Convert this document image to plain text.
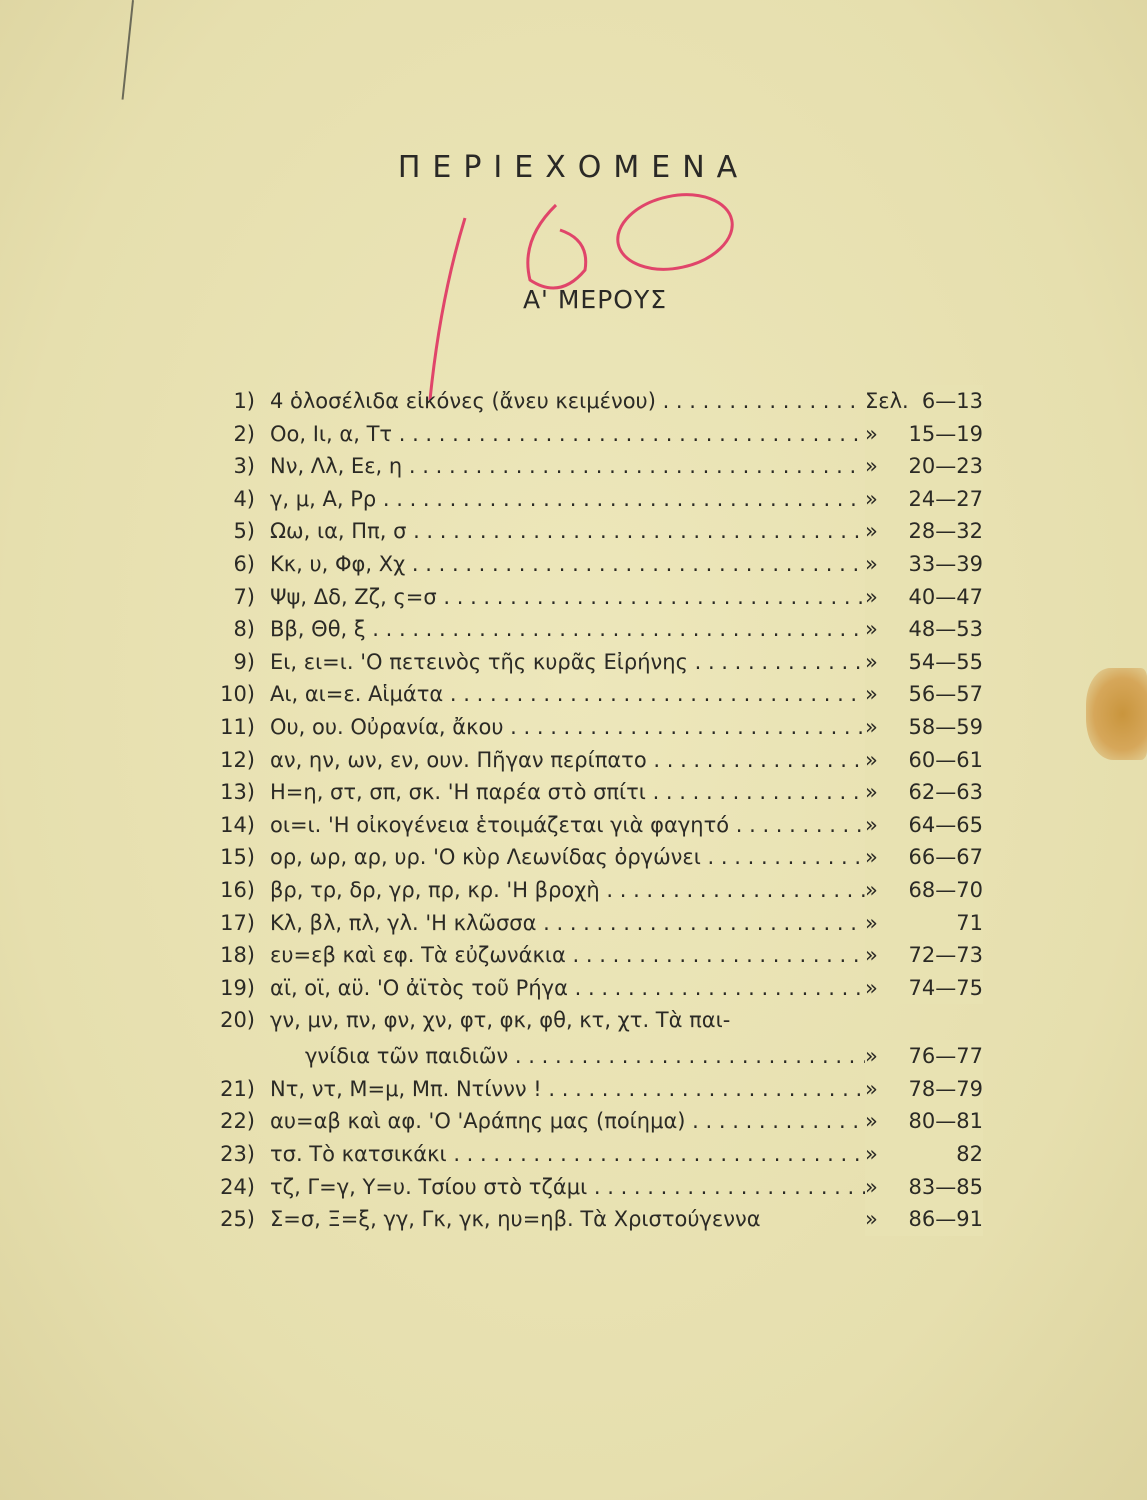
ΠΕΡΙΕΧΟΜΕΝΑ
Α' ΜΕΡΟΥΣ
1) 4 ὁλοσέλιδα εἰκόνες (ἄνευ κειμένου) . . .	Σελ. 6—13
2) Οο, Ιι, α, Ττ . . .	» 15—19
3) Νν, Λλ, Εε, η . . .	» 20—23
4) γ, μ, Α, Ρρ . . .	» 24—27
5) Ωω, ια, Ππ, σ . . .	» 28—32
6) Κκ, υ, Φφ, Χχ . . .	» 33—39
7) Ψψ, Δδ, Ζζ, ς=σ . . .	» 40—47
8) Ββ, Θθ, ξ . . .	» 48—53
9) Ει, ει=ι. 'Ο πετεινὸς τῆς κυρᾶς Εἰρήνης . . .	» 54—55
10) Αι, αι=ε. Αἱμάτα . . .	» 56—57
11) Ου, ου. Οὐρανία, ἄκου . . .	» 58—59
12) αν, ην, ων, εν, ουν. Πῆγαν περίπατο . . .	» 60—61
13) Η=η, στ, σπ, σκ. 'Η παρέα στὸ σπίτι . . .	» 62—63
14) οι=ι. 'Η οἰκογένεια ἑτοιμάζεται γιὰ φαγητό . . .	» 64—65
15) ορ, ωρ, αρ, υρ. 'Ο κὺρ Λεωνίδας ὀργώνει . . .	» 66—67
16) βρ, τρ, δρ, γρ, πρ, κρ. 'Η βροχὴ . . .	» 68—70
17) Κλ, βλ, πλ, γλ. 'Η κλῶσσα . . .	»	71
18) ευ=εβ καὶ εφ. Τὰ εὐζωνάκια . . .	» 72—73
19) αϊ, οϊ, αϋ. 'Ο ἀϊτὸς τοῦ Ρήγα . . .	» 74—75
20) γν, μν, πν, φν, χν, φτ, φκ, φθ, κτ, χτ. Τὰ παι-
γνίδια τῶν παιδιῶν . . .	» 76—77
21) Ντ, ντ, Μ=μ, Μπ. Ντίννν ! . . .	» 78—79
22) αυ=αβ καὶ αφ. 'Ο 'Αράπης μας (ποίημα) . . .	» 80—81
23) τσ. Τὸ κατσικάκι . . .	»	82
24) τζ, Γ=γ, Υ=υ. Τσίου στὸ τζάμι . . .	» 83—85
25) Σ=σ, Ξ=ξ, γγ, Γκ, γκ, ηυ=ηβ. Τὰ Χριστούγεννα	» 86—91
